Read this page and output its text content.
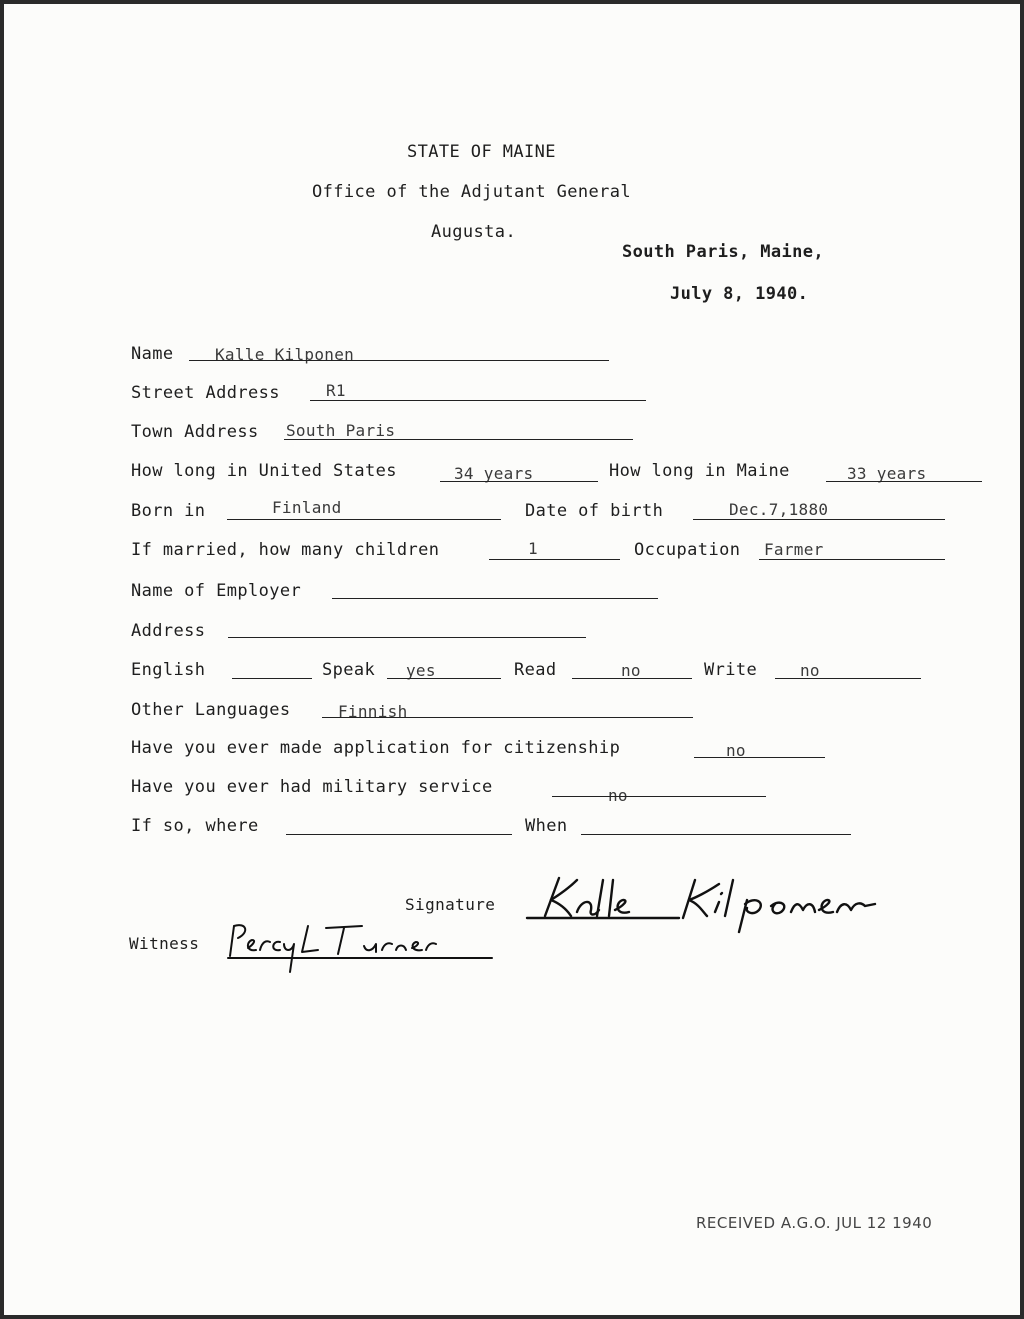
STATE OF MAINE
Office of the Adjutant General
Augusta.
South Paris, Maine,
July 8, 1940.
Name	Kalle Kilponen
Street Address	R1
Town Address South Paris
How long in United States	34 years	How long in Maine	33 years
Born in	Finland	Date of birth	Dec.7,1880
If married, how many children	1	Occupation Farmer
Name of Employer
Address
English	Speak yes	Read	no	Write	no
Other Languages	Finnish
Have you ever made application for citizenship	no
Have you ever had military service	no
If so, where	When
Signature
Witness
RECEIVED A.G.O. JUL 12 1940
